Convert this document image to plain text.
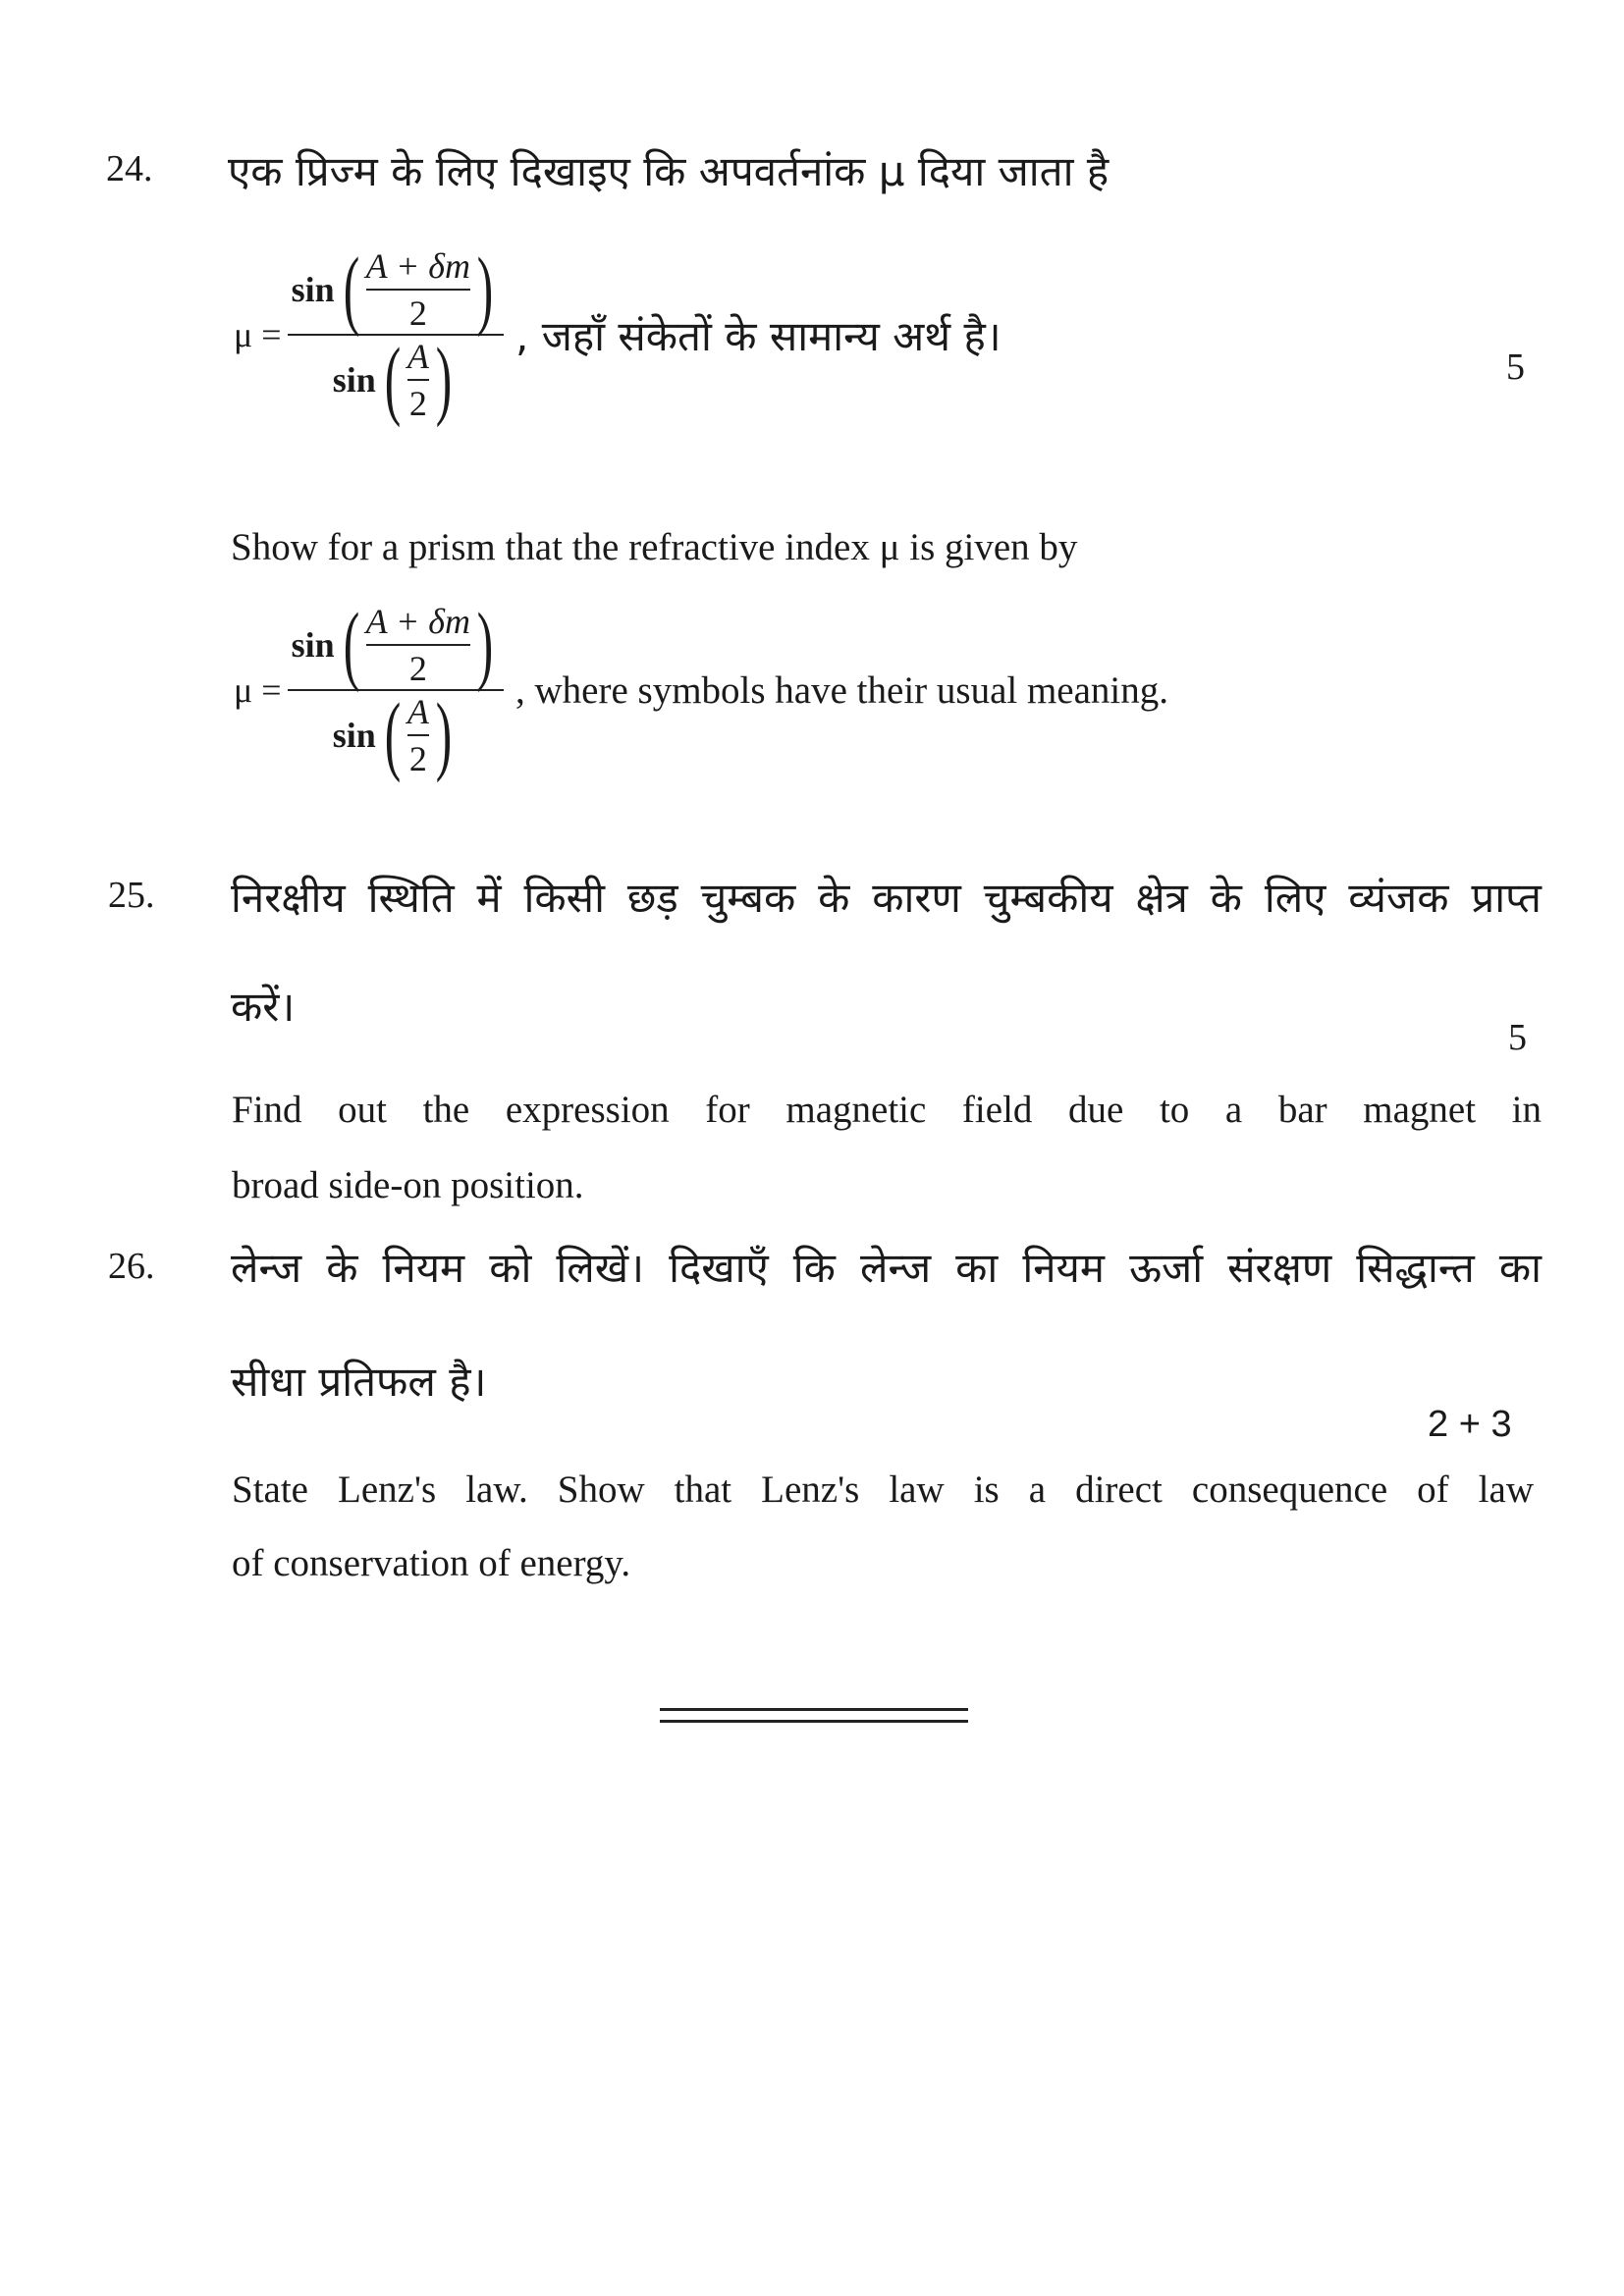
24. एक प्रिज्म के लिए दिखाइए कि अपवर्तनांक μ दिया जाता है
μ = sin ( A + δm
2 )
sin ( A
2 ) , जहाँ संकेतों के सामान्य अर्थ है।
5
Show for a prism that the refractive index μ is given by
μ = sin ( A + δm
2 )
sin ( A
2 ) , where symbols have their usual meaning.
25. निरक्षीय स्थिति में किसी छड़ चुम्बक के कारण चुम्बकीय क्षेत्र के लिए व्यंजक प्राप्त
करें।
5
Find out the expression for magnetic field due to a bar magnet in
broad side-on position.
26. लेन्ज के नियम को लिखें। दिखाएँ कि लेन्ज का नियम ऊर्जा संरक्षण सिद्धान्त का
सीधा प्रतिफल है।
2 + 3
State Lenz's law. Show that Lenz's law is a direct consequence of law
of conservation of energy.
